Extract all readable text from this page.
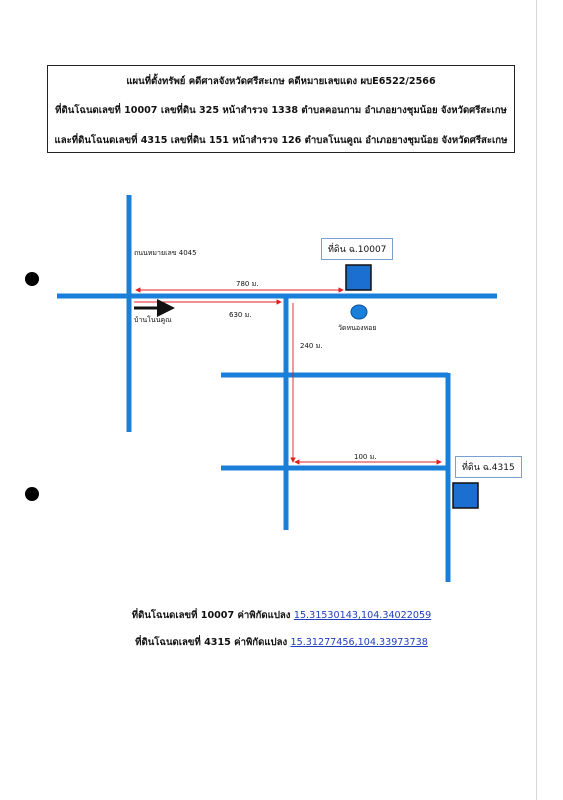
แผนที่ตั้งทรัพย์ คดีศาลจังหวัดศรีสะเกษ คดีหมายเลขแดง ผบE6522/2566
ที่ดินโฉนดเลขที่ 10007 เลขที่ดิน 325 หน้าสำรวจ 1338 ตำบลคอนกาม อำเภอยางชุมน้อย จังหวัดศรีสะเกษ
และที่ดินโฉนดเลขที่ 4315 เลขที่ดิน 151 หน้าสำรวจ 126 ตำบลโนนคูณ อำเภอยางชุมน้อย จังหวัดศรีสะเกษ
ถนนหมายเลข 4045
บ้านโนนคูณ
วัดหนองหอย
780 ม.
630 ม.
240 ม.
100 ม.
ที่ดิน ฉ.10007
ที่ดิน ฉ.4315
ที่ดินโฉนดเลขที่ 10007 ค่าพิกัดแปลง 15.31530143,104.34022059
ที่ดินโฉนดเลขที่ 4315 ค่าพิกัดแปลง 15.31277456,104.33973738
